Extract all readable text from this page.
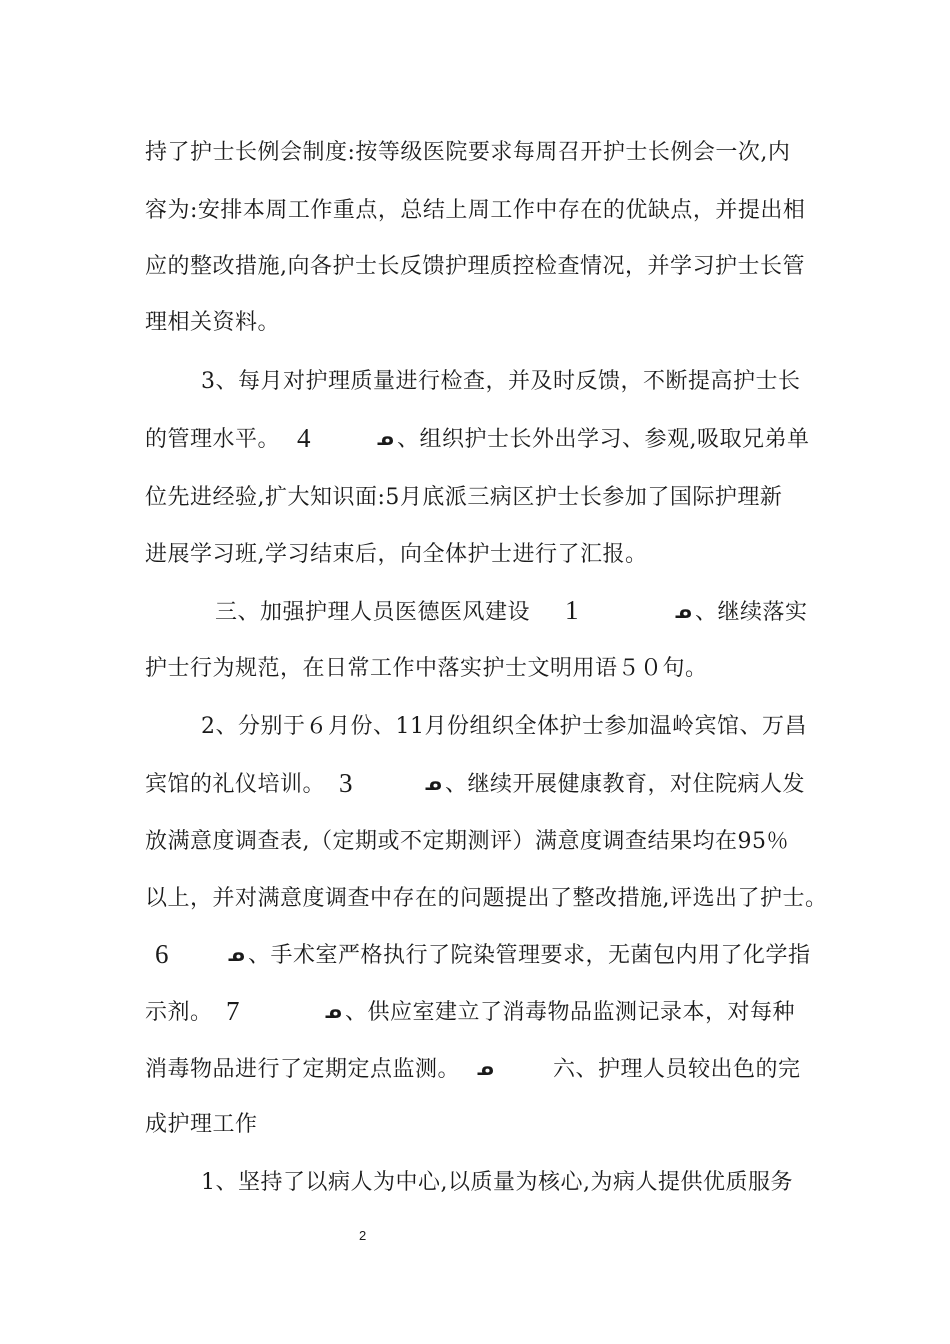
持了护士长例会制度:按等级医院要求每周召开护士长例会一次,内
容为:安排本周工作重点，总结上周工作中存在的优缺点，并提出相
应的整改措施,向各护士长反馈护理质控检查情况，并学习护士长管
理相关资料。
3、每月对护理质量进行检查，并及时反馈，不断提高护士长
的管理水平。 4	ᓄ 、组织护士长外出学习、参观,吸取兄弟单
位先进经验,扩大知识面:5月底派三病区护士长参加了国际护理新
进展学习班,学习结束后，向全体护士进行了汇报。
三、加强护理人员医德医风建设 1	ᓄ 、继续落实
护士行为规范，在日常工作中落实护士文明用语５０句。
2、分别于６月份、11月份组织全体护士参加温岭宾馆、万昌
宾馆的礼仪培训。 3	ᓄ 、继续开展健康教育，对住院病人发
放满意度调查表,（定期或不定期测评）满意度调查结果均在95％
以上，并对满意度调查中存在的问题提出了整改措施,评选出了护士。
6	ᓄ 、手术室严格执行了院染管理要求，无菌包内用了化学指
示剂。 7	ᓄ 、供应室建立了消毒物品监测记录本，对每种
消毒物品进行了定期定点监测。 ᓄ	六、护理人员较出色的完
成护理工作
1、坚持了以病人为中心,以质量为核心,为病人提供优质服务
2
